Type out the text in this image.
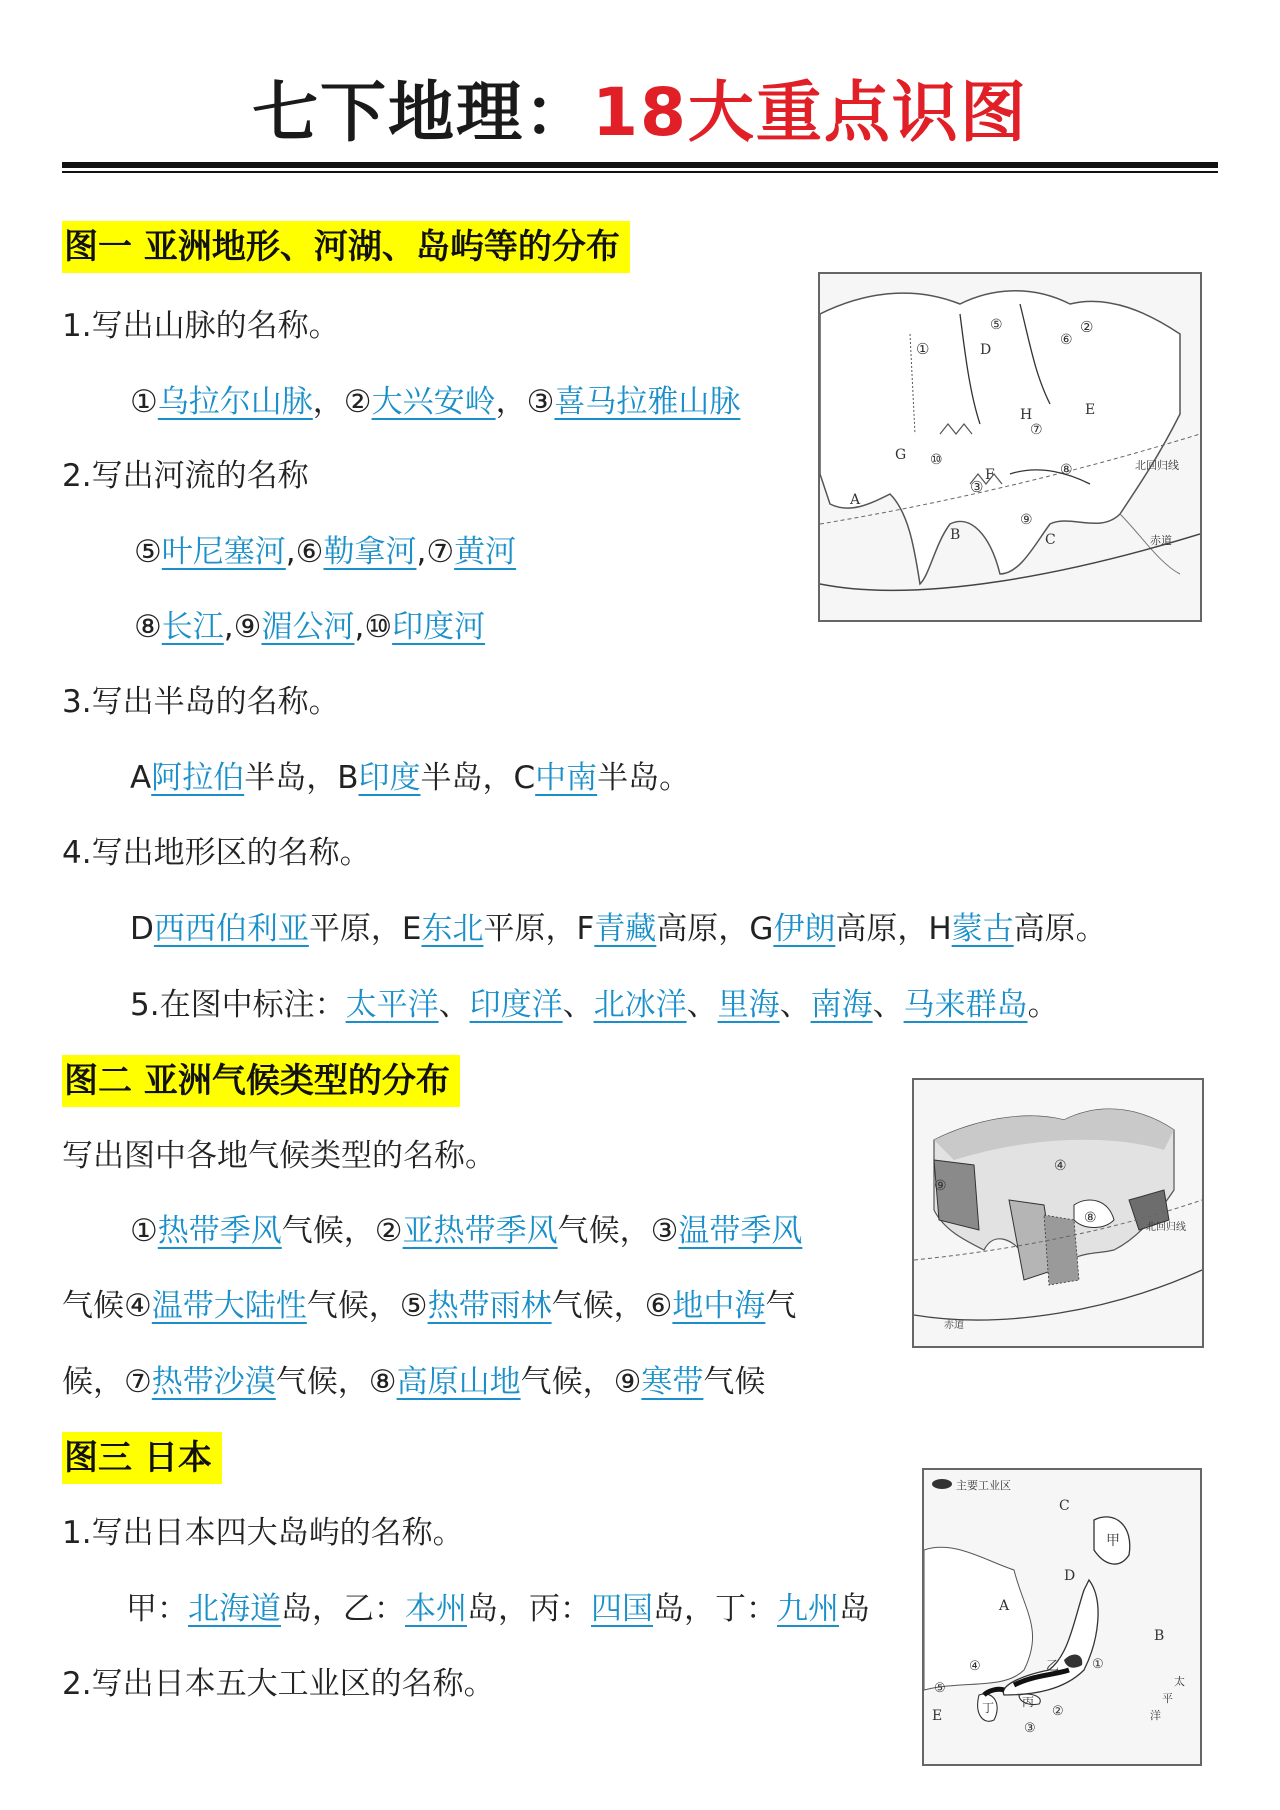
七下地理：18大重点识图
图一 亚洲地形、河湖、岛屿等的分布
1.写出山脉的名称。
①乌拉尔山脉，②大兴安岭，③喜马拉雅山脉
2.写出河流的名称
⑤叶尼塞河,⑥勒拿河,⑦黄河
⑧长江,⑨湄公河,⑩印度河
3.写出半岛的名称。
A阿拉伯半岛，B印度半岛，C中南半岛。
4.写出地形区的名称。
D西西伯利亚平原，E东北平原，F青藏高原，G伊朗高原，H蒙古高原。
5.在图中标注：太平洋、印度洋、北冰洋、里海、南海、马来群岛。
①
②
③
⑤
⑥
⑦
⑧
⑨
⑩
A
B	C
D
E
F
G
H
北回归线
赤道
图二 亚洲气候类型的分布
写出图中各地气候类型的名称。
①热带季风气候，②亚热带季风气候，③温带季风
气候④温带大陆性气候，⑤热带雨林气候，⑥地中海气
候，⑦热带沙漠气候，⑧高原山地气候，⑨寒带气候
④
⑧
⑨
北回归线
赤道
图三 日本
1.写出日本四大岛屿的名称。
甲：北海道岛，乙：本州岛，丙：四国岛，丁：九州岛
2.写出日本五大工业区的名称。
主要工业区
A
B
C
D
E
甲
乙
丙
丁
①
②
③
④
⑤	太
平
洋
